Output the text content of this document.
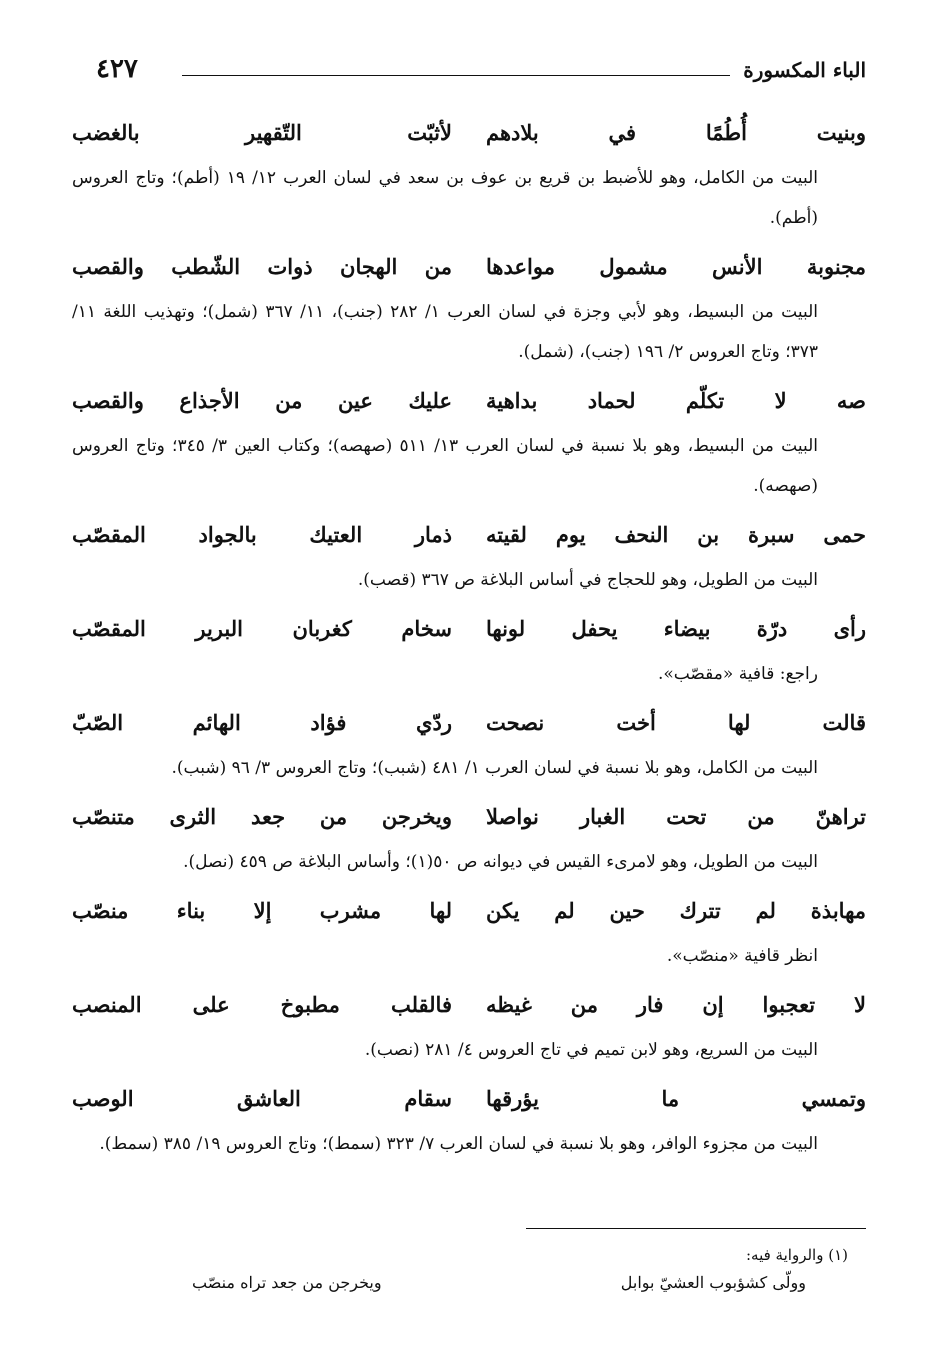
الباء المكسورة
٤٢٧
وبنيت أُطُمًا في بلادهم
لأثبّت التّقهير بالغضب
البيت من الكامل، وهو للأضبط بن قريع بن عوف بن سعد في لسان العرب ١٢/ ١٩ (أطم)؛ وتاج العروس (أطم).
مجنوبة الأنس مشمول مواعدها
من الهجان ذوات الشّطب والقصب
البيت من البسيط، وهو لأبي وجزة في لسان العرب ١/ ٢٨٢ (جنب)، ١١/ ٣٦٧ (شمل)؛ وتهذيب اللغة ١١/ ٣٧٣؛ وتاج العروس ٢/ ١٩٦ (جنب)، (شمل).
صه لا تكلّم لحماد بداهية
عليك عين من الأجذاع والقصب
البيت من البسيط، وهو بلا نسبة في لسان العرب ١٣/ ٥١١ (صهصه)؛ وكتاب العين ٣/ ٣٤٥؛ وتاج العروس (صهصه).
حمى سبرة بن النحف يوم لقيته
ذمار العتيك بالجواد المقصّب
البيت من الطويل، وهو للحجاج في أساس البلاغة ص ٣٦٧ (قصب).
رأى درّة بيضاء يحفل لونها
سخام كغربان البرير المقصّب
راجع: قافية «مقصّب».
قالت لها أخت نصحت
ردّي فؤاد الهائم الصّبّ
البيت من الكامل، وهو بلا نسبة في لسان العرب ١/ ٤٨١ (شبب)؛ وتاج العروس ٣/ ٩٦ (شبب).
تراهنّ من تحت الغبار نواصلا
ويخرجن من جعد الثرى متنصّب
البيت من الطويل، وهو لامرىء القيس في ديوانه ص ٥٠(١)؛ وأساس البلاغة ص ٤٥٩ (نصل).
مهابذة لم تترك حين لم يكن
لها مشرب إلا بناء منصّب
انظر قافية «منصّب».
لا تعجبوا إن فار من غيظه
فالقلب مطبوخ على المنصب
البيت من السريع، وهو لابن تميم في تاج العروس ٤/ ٢٨١ (نصب).
وتمسي ما يؤرقها
سقام العاشق الوصب
البيت من مجزوء الوافر، وهو بلا نسبة في لسان العرب ٧/ ٣٢٣ (سمط)؛ وتاج العروس ١٩/ ٣٨٥ (سمط).
(١) والرواية فيه:
وولّى كشؤبوب العشيّ بوابل
ويخرجن من جعد تراه منصّب
